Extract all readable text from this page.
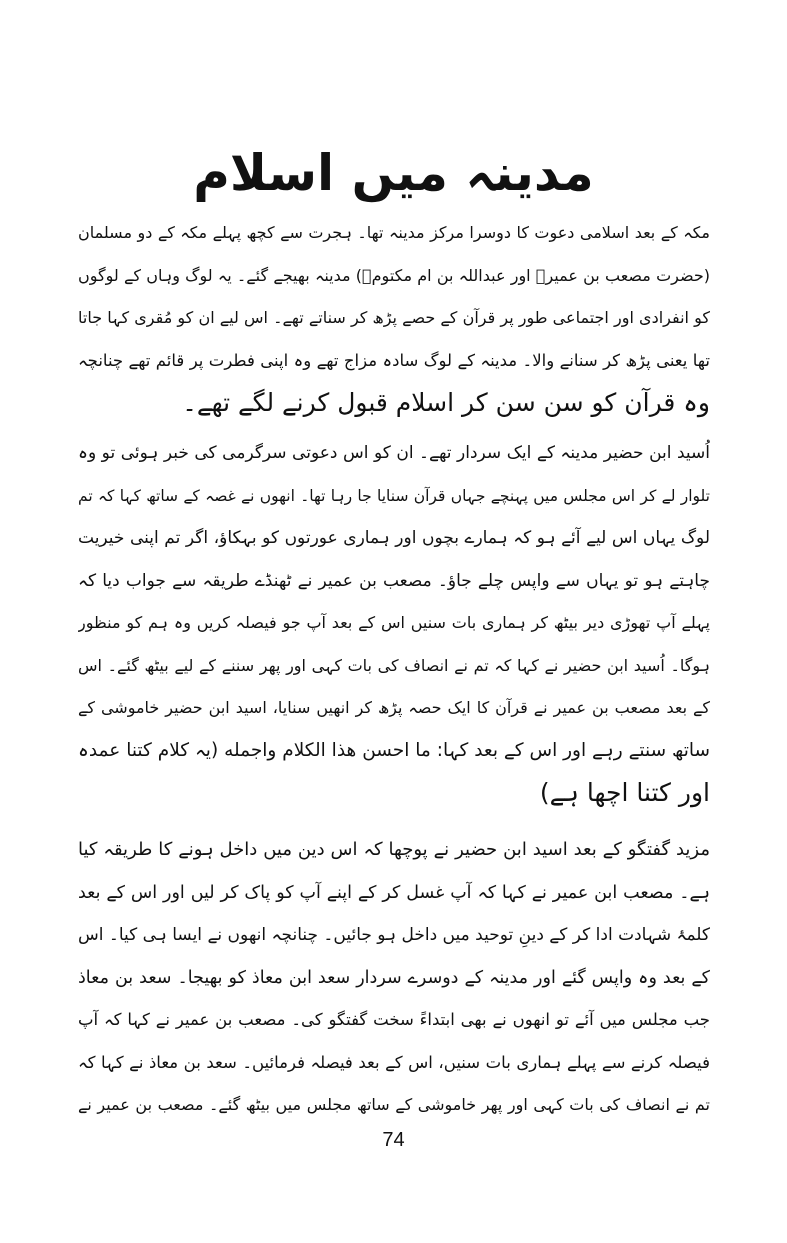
مدینہ میں اسلام
مکہ کے بعد اسلامی دعوت کا دوسرا مرکز مدینہ تھا۔ ہجرت سے کچھ پہلے مکہ کے دو مسلمان
(حضرت مصعب بن عمیرؓ اور عبداللہ بن ام مکتومؓ) مدینہ بھیجے گئے۔ یہ لوگ وہاں کے لوگوں
کو انفرادی اور اجتماعی طور پر قرآن کے حصے پڑھ کر سناتے تھے۔ اس لیے ان کو مُقری کہا جاتا
تھا یعنی پڑھ کر سنانے والا۔ مدینہ کے لوگ سادہ مزاج تھے وہ اپنی فطرت پر قائم تھے چنانچہ
وہ قرآن کو سن سن کر اسلام قبول کرنے لگے تھے۔
اُسید ابن حضیر مدینہ کے ایک سردار تھے۔ ان کو اس دعوتی سرگرمی کی خبر ہوئی تو وہ
تلوار لے کر اس مجلس میں پہنچے جہاں قرآن سنایا جا رہا تھا۔ انھوں نے غصہ کے ساتھ کہا کہ تم
لوگ یہاں اس لیے آئے ہو کہ ہمارے بچوں اور ہماری عورتوں کو بہکاؤ، اگر تم اپنی خیریت
چاہتے ہو تو یہاں سے واپس چلے جاؤ۔ مصعب بن عمیر نے ٹھنڈے طریقہ سے جواب دیا کہ
پہلے آپ تھوڑی دیر بیٹھ کر ہماری بات سنیں اس کے بعد آپ جو فیصلہ کریں وہ ہم کو منظور
ہوگا۔ اُسید ابن حضیر نے کہا کہ تم نے انصاف کی بات کہی اور پھر سننے کے لیے بیٹھ گئے۔ اس
کے بعد مصعب بن عمیر نے قرآن کا ایک حصہ پڑھ کر انھیں سنایا، اسید ابن حضیر خاموشی کے
ساتھ سنتے رہے اور اس کے بعد کہا: ما احسن هذا الکلام واجمله (یہ کلام کتنا عمدہ
اور کتنا اچھا ہے)
مزید گفتگو کے بعد اسید ابن حضیر نے پوچھا کہ اس دین میں داخل ہونے کا طریقہ کیا
ہے۔ مصعب ابن عمیر نے کہا کہ آپ غسل کر کے اپنے آپ کو پاک کر لیں اور اس کے بعد
کلمۂ شہادت ادا کر کے دینِ توحید میں داخل ہو جائیں۔ چنانچہ انھوں نے ایسا ہی کیا۔ اس
کے بعد وہ واپس گئے اور مدینہ کے دوسرے سردار سعد ابن معاذ کو بھیجا۔ سعد بن معاذ
جب مجلس میں آئے تو انھوں نے بھی ابتداءً سخت گفتگو کی۔ مصعب بن عمیر نے کہا کہ آپ
فیصلہ کرنے سے پہلے ہماری بات سنیں، اس کے بعد فیصلہ فرمائیں۔ سعد بن معاذ نے کہا کہ
تم نے انصاف کی بات کہی اور پھر خاموشی کے ساتھ مجلس میں بیٹھ گئے۔ مصعب بن عمیر نے
74
